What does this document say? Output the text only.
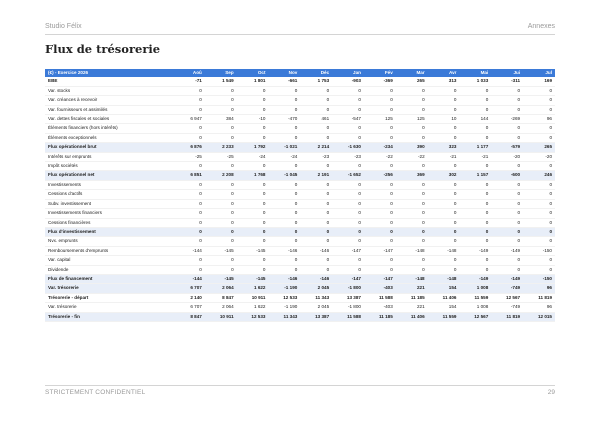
Studio Félix	Annexes
Flux de trésorerie
(€) - Exercice 2026	Aoû	Sep	Oct	Nov	Déc	Jan	Fév	Mar	Avr	Mai	Jui	Jul
EBE	-71	1 549	1 801	-661	1 753	-903	-369	265	313	1 033	-311	169
Var. stocks	0	0	0	0	0	0	0	0	0	0	0	0
Var. créances à recevoir	0	0	0	0	0	0	0	0	0	0	0	0
Var. fournisseurs et assimilés	0	0	0	0	0	0	0	0	0	0	0	0
Var. dettes fiscales et sociales	6 947	384	-10	-470	461	-547	125	125	10	144	-269	96
Éléments financiers (hors intérêts)	0	0	0	0	0	0	0	0	0	0	0	0
Éléments exceptionnels	0	0	0	0	0	0	0	0	0	0	0	0
Flux opérationnel brut	6 876	2 233	1 792	-1 021	2 214	-1 630	-234	390	323	1 177	-579	265
Intérêts sur emprunts	-25	-25	-24	-24	-23	-23	-22	-22	-21	-21	-20	-20
Impôt sociétés	0	0	0	0	0	0	0	0	0	0	0	0
Flux opérationnel net	6 851	2 208	1 768	-1 045	2 191	-1 652	-256	369	302	1 157	-600	246
Investissements	0	0	0	0	0	0	0	0	0	0	0	0
Cessions d'actifs	0	0	0	0	0	0	0	0	0	0	0	0
Subv. investissement	0	0	0	0	0	0	0	0	0	0	0	0
Investissements financiers	0	0	0	0	0	0	0	0	0	0	0	0
Cessions financières	0	0	0	0	0	0	0	0	0	0	0	0
Flux d'investissement	0	0	0	0	0	0	0	0	0	0	0	0
Nvx. emprunts	0	0	0	0	0	0	0	0	0	0	0	0
Remboursements d'emprunts	-144	-145	-145	-146	-146	-147	-147	-148	-148	-149	-149	-150
Var. capital	0	0	0	0	0	0	0	0	0	0	0	0
Dividende	0	0	0	0	0	0	0	0	0	0	0	0
Flux de financement	-144	-145	-145	-146	-146	-147	-147	-148	-148	-149	-149	-150
Var. trésorerie	6 707	2 064	1 622	-1 190	2 045	-1 800	-403	221	154	1 008	-749	96
Trésorerie - départ	2 140	8 847	10 911	12 533	11 343	13 387	11 588	11 185	11 406	11 559	12 567	11 819
Var. trésorerie	6 707	2 064	1 622	-1 190	2 045	-1 800	-403	221	154	1 008	-749	96
Trésorerie - fin	8 847	10 911	12 533	11 343	13 387	11 588	11 185	11 406	11 559	12 567	11 819	12 015
STRICTEMENT CONFIDENTIEL	29
